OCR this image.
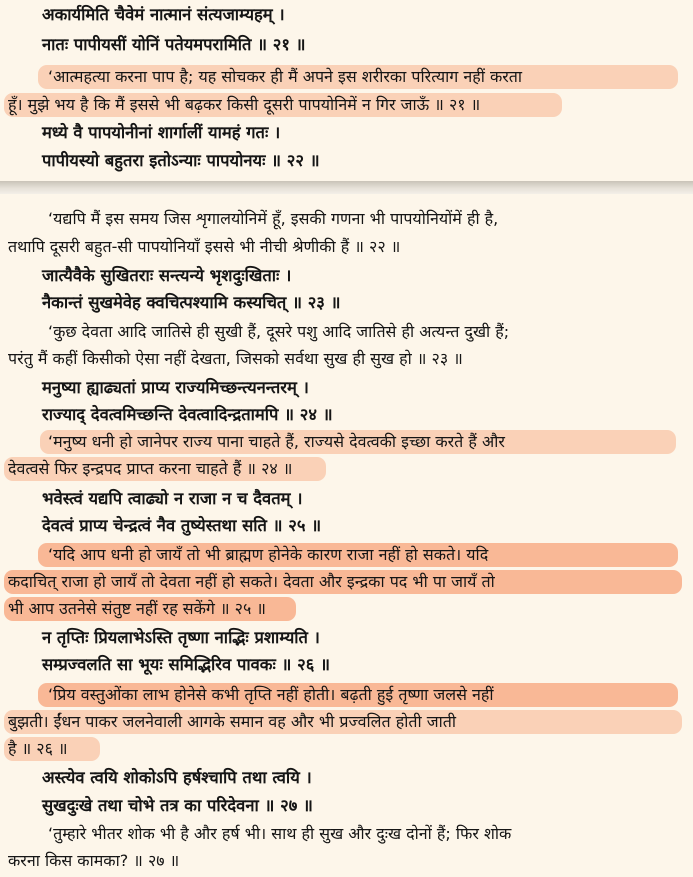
अकार्यमिति चैवेमं नात्मानं संत्यजाम्यहम् ।
नातः पापीयसीं योनिं पतेयमपरामिति ॥ २१ ॥
‘आत्महत्या करना पाप है; यह सोचकर ही मैं अपने इस शरीरका परित्याग नहीं करता
हूँ। मुझे भय है कि मैं इससे भी बढ़कर किसी दूसरी पापयोनिमें न गिर जाऊँ ॥ २१ ॥
मध्ये वै पापयोनीनां शार्गालीं यामहं गतः ।
पापीयस्यो बहुतरा इतोऽन्याः पापयोनयः ॥ २२ ॥
‘यद्यपि मैं इस समय जिस शृगालयोनिमें हूँ, इसकी गणना भी पापयोनियोंमें ही है,
तथापि दूसरी बहुत-सी पापयोनियाँ इससे भी नीची श्रेणीकी हैं ॥ २२ ॥
जात्यैवैके सुखितराः सन्त्यन्ये भृशदुःखिताः ।
नैकान्तं सुखमेवेह क्वचित्पश्यामि कस्यचित् ॥ २३ ॥
‘कुछ देवता आदि जातिसे ही सुखी हैं, दूसरे पशु आदि जातिसे ही अत्यन्त दुखी हैं;
परंतु मैं कहीं किसीको ऐसा नहीं देखता, जिसको सर्वथा सुख ही सुख हो ॥ २३ ॥
मनुष्या ह्याढ्यतां प्राप्य राज्यमिच्छन्त्यनन्तरम् ।
राज्याद् देवत्वमिच्छन्ति देवत्वादिन्द्रतामपि ॥ २४ ॥
‘मनुष्य धनी हो जानेपर राज्य पाना चाहते हैं, राज्यसे देवत्वकी इच्छा करते हैं और
देवत्वसे फिर इन्द्रपद प्राप्त करना चाहते हैं ॥ २४ ॥
भवेस्त्वं यद्यपि त्वाढ्यो न राजा न च दैवतम् ।
देवत्वं प्राप्य चेन्द्रत्वं नैव तुष्येस्तथा सति ॥ २५ ॥
‘यदि आप धनी हो जायँ तो भी ब्राह्मण होनेके कारण राजा नहीं हो सकते। यदि
कदाचित् राजा हो जायँ तो देवता नहीं हो सकते। देवता और इन्द्रका पद भी पा जायँ तो
भी आप उतनेसे संतुष्ट नहीं रह सकेंगे ॥ २५ ॥
न तृप्तिः प्रियलाभेऽस्ति तृष्णा नाद्भिः प्रशाम्यति ।
सम्प्रज्वलति सा भूयः समिद्भिरिव पावकः ॥ २६ ॥
‘प्रिय वस्तुओंका लाभ होनेसे कभी तृप्ति नहीं होती। बढ़ती हुई तृष्णा जलसे नहीं
बुझती। ईंधन पाकर जलनेवाली आगके समान वह और भी प्रज्वलित होती जाती
है ॥ २६ ॥
अस्त्येव त्वयि शोकोऽपि हर्षश्चापि तथा त्वयि ।
सुखदुःखे तथा चोभे तत्र का परिदेवना ॥ २७ ॥
‘तुम्हारे भीतर शोक भी है और हर्ष भी। साथ ही सुख और दुःख दोनों हैं; फिर शोक
करना किस कामका? ॥ २७ ॥
